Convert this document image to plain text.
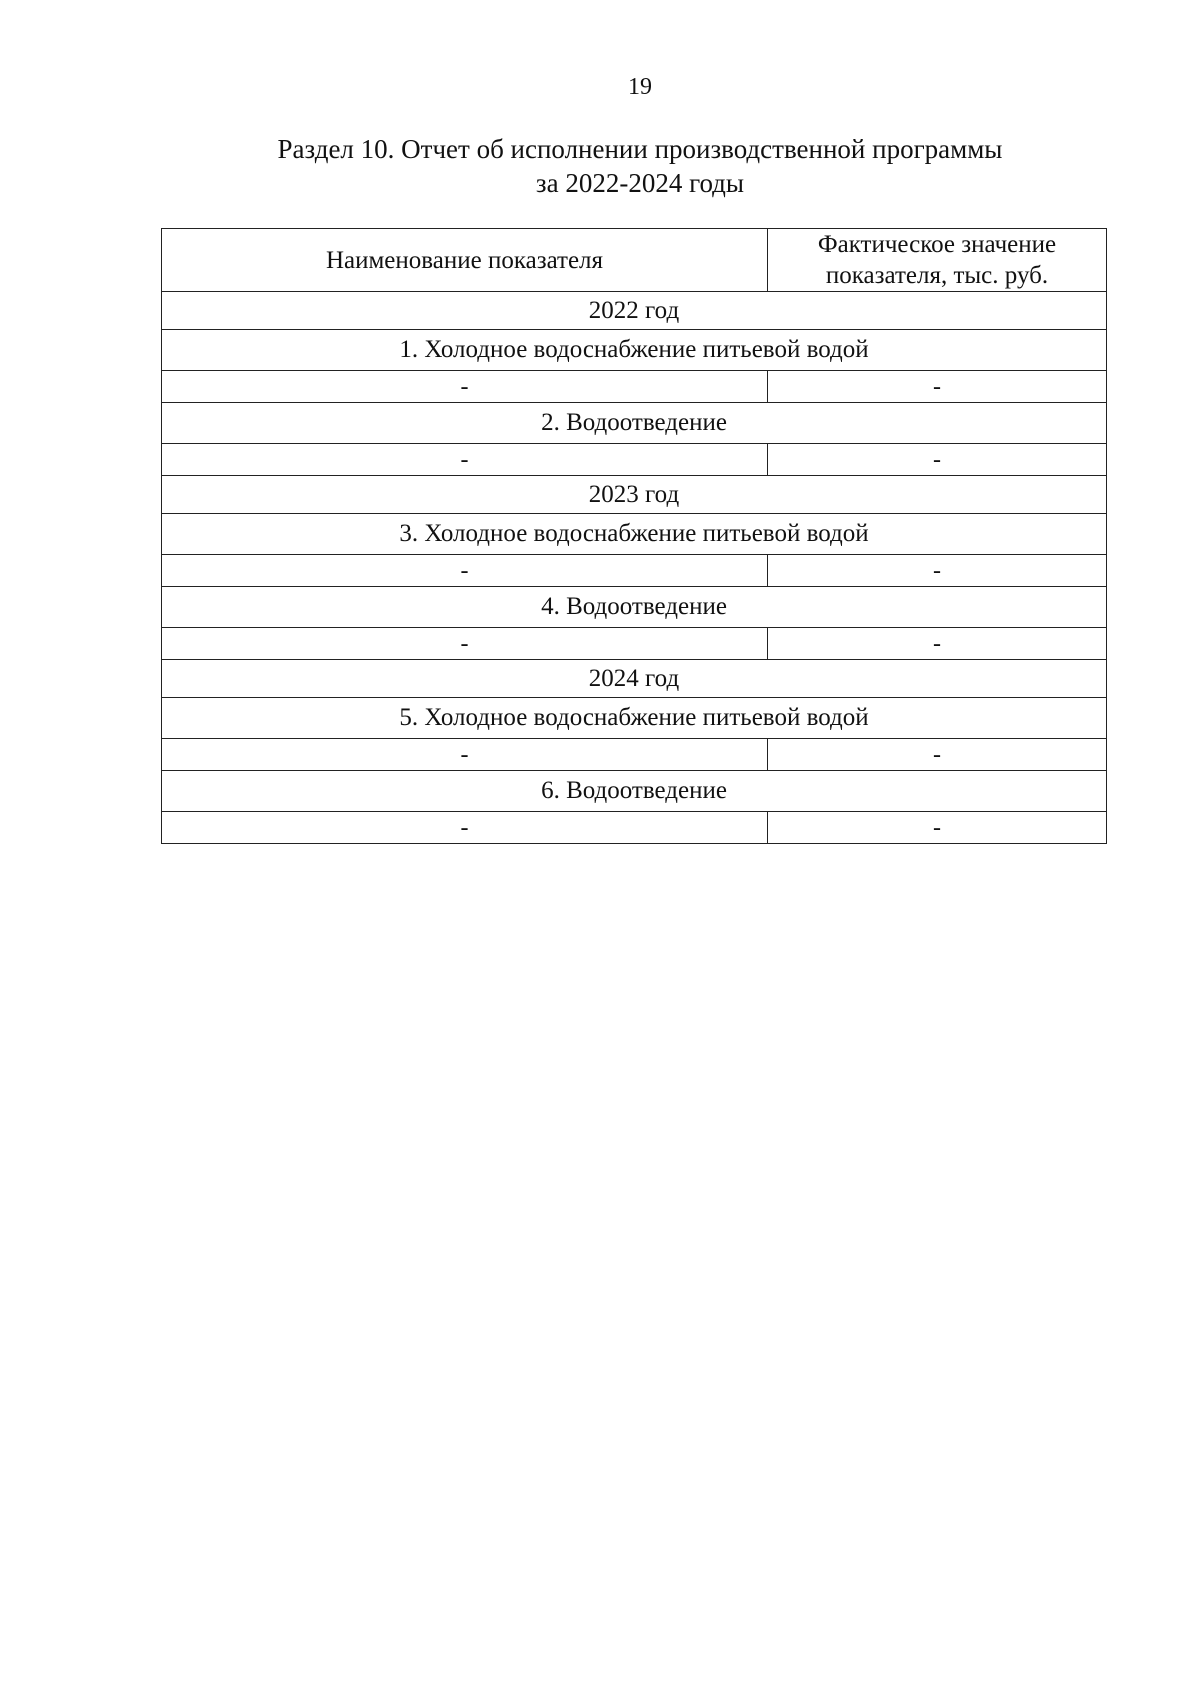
19
Раздел 10. Отчет об исполнении производственной программы
за 2022-2024 годы
Наименование показателя	Фактическое значение
показателя, тыс. руб.

2022 год	
1. Холодное водоснабжение питьевой водой	
-	-
2. Водоотведение	
-	-
2023 год	
3. Холодное водоснабжение питьевой водой	
-	-
4. Водоотведение	
-	-
2024 год	
5. Холодное водоснабжение питьевой водой	
-	-
6. Водоотведение	
-	-
